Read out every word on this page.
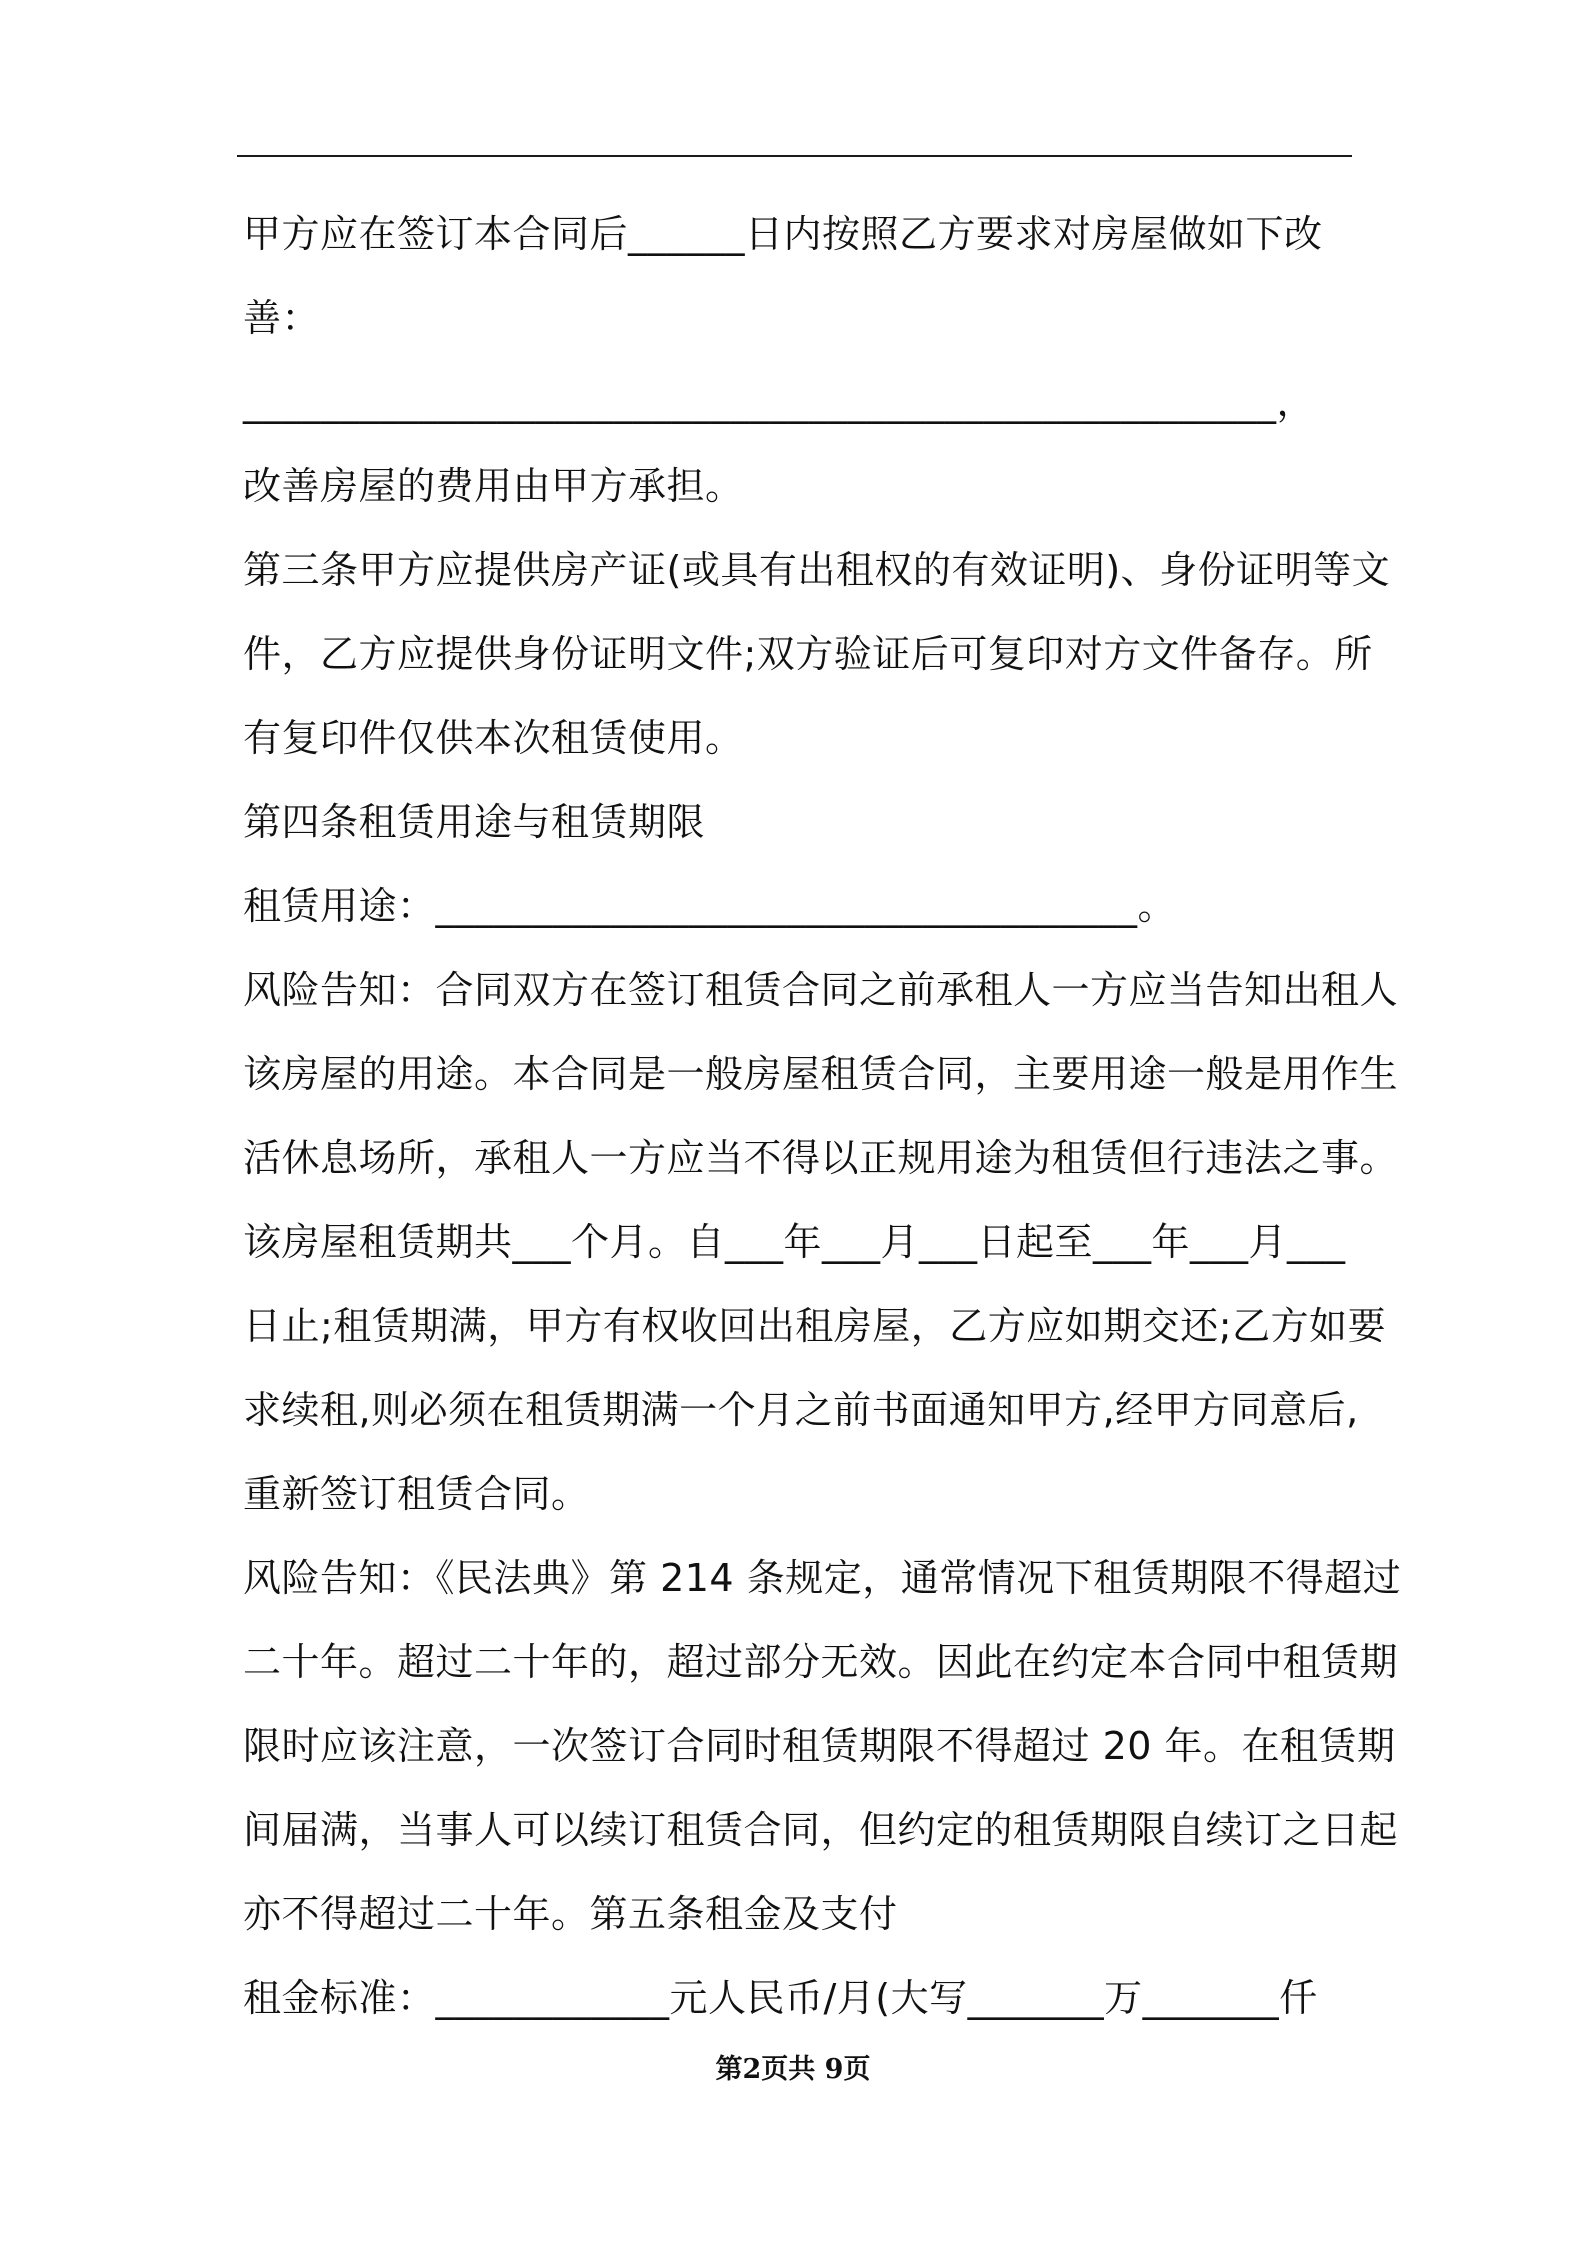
甲方应在签订本合同后______日内按照乙方要求对房屋做如下改
善：
_____________________________________________________，
改善房屋的费用由甲方承担。
第三条甲方应提供房产证(或具有出租权的有效证明)、身份证明等文
件，乙方应提供身份证明文件;双方验证后可复印对方文件备存。所
有复印件仅供本次租赁使用。
第四条租赁用途与租赁期限
租赁用途：____________________________________。
风险告知：合同双方在签订租赁合同之前承租人一方应当告知出租人
该房屋的用途。本合同是一般房屋租赁合同，主要用途一般是用作生
活休息场所，承租人一方应当不得以正规用途为租赁但行违法之事。
该房屋租赁期共___个月。自___年___月___日起至___年___月___
日止;租赁期满，甲方有权收回出租房屋，乙方应如期交还;乙方如要
求续租,则必须在租赁期满一个月之前书面通知甲方,经甲方同意后,
重新签订租赁合同。
风险告知：《民法典》第 214 条规定，通常情况下租赁期限不得超过
二十年。超过二十年的，超过部分无效。因此在约定本合同中租赁期
限时应该注意，一次签订合同时租赁期限不得超过 20 年。在租赁期
间届满，当事人可以续订租赁合同，但约定的租赁期限自续订之日起
亦不得超过二十年。第五条租金及支付
租金标准：____________元人民币/月(大写_______万_______仟
第2页共 9页
